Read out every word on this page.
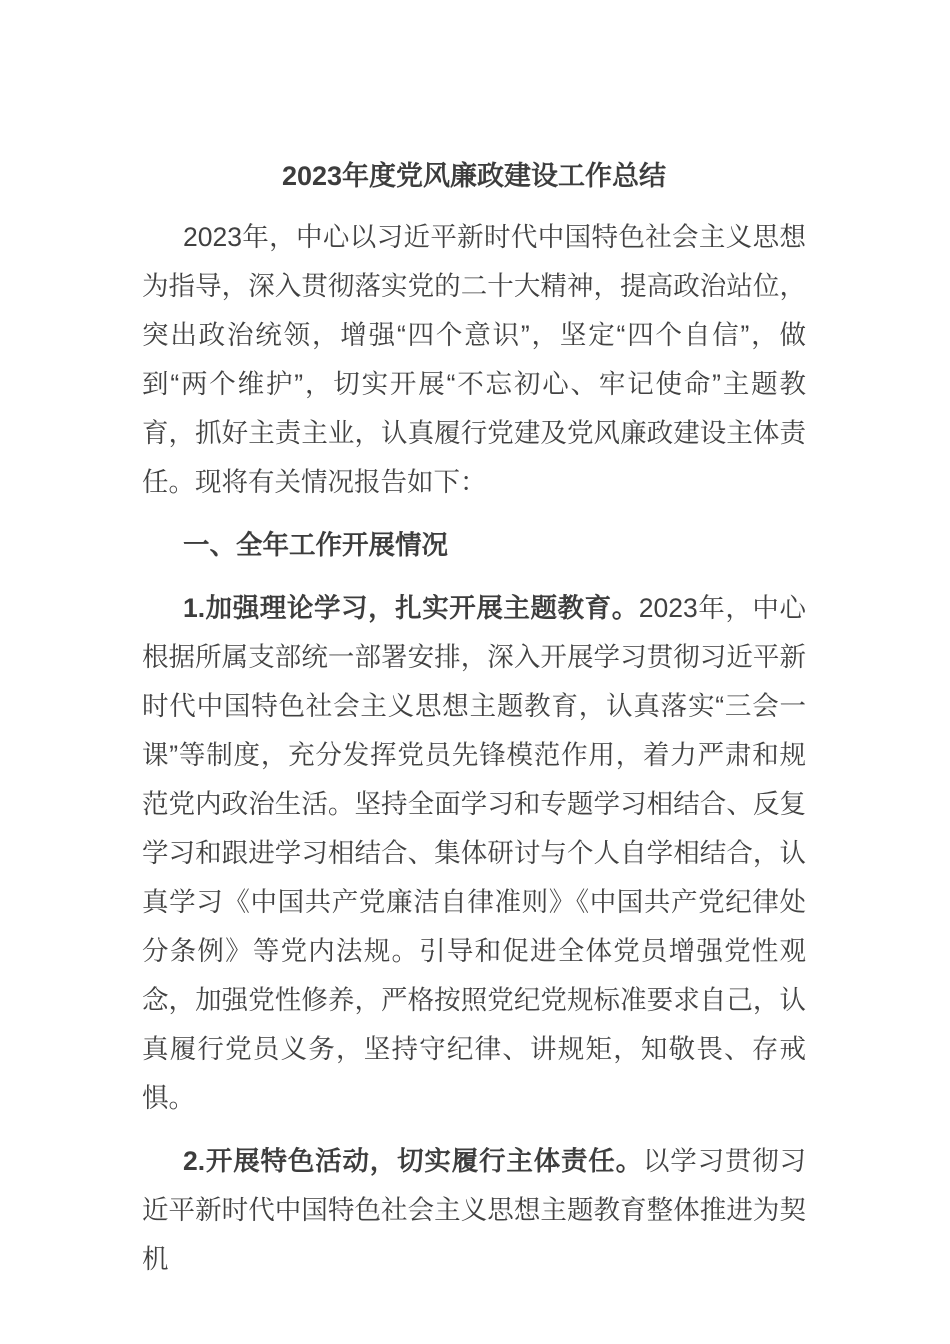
2023年度党风廉政建设工作总结

2023年，中心以习近平新时代中国特色社会主义思想为指导，深入贯彻落实党的二十大精神，提高政治站位，突出政治统领，增强“四个意识”，坚定“四个自信”，做到“两个维护”，切实开展“不忘初心、牢记使命”主题教育，抓好主责主业，认真履行党建及党风廉政建设主体责任。现将有关情况报告如下：

一、全年工作开展情况

1.加强理论学习，扎实开展主题教育。2023年，中心根据所属支部统一部署安排，深入开展学习贯彻习近平新时代中国特色社会主义思想主题教育，认真落实“三会一课”等制度，充分发挥党员先锋模范作用，着力严肃和规范党内政治生活。坚持全面学习和专题学习相结合、反复学习和跟进学习相结合、集体研讨与个人自学相结合，认真学习《中国共产党廉洁自律准则》《中国共产党纪律处分条例》等党内法规。引导和促进全体党员增强党性观念，加强党性修养，严格按照党纪党规标准要求自己，认真履行党员义务，坚持守纪律、讲规矩，知敬畏、存戒惧。

2.开展特色活动，切实履行主体责任。以学习贯彻习近平新时代中国特色社会主义思想主题教育整体推进为契机
